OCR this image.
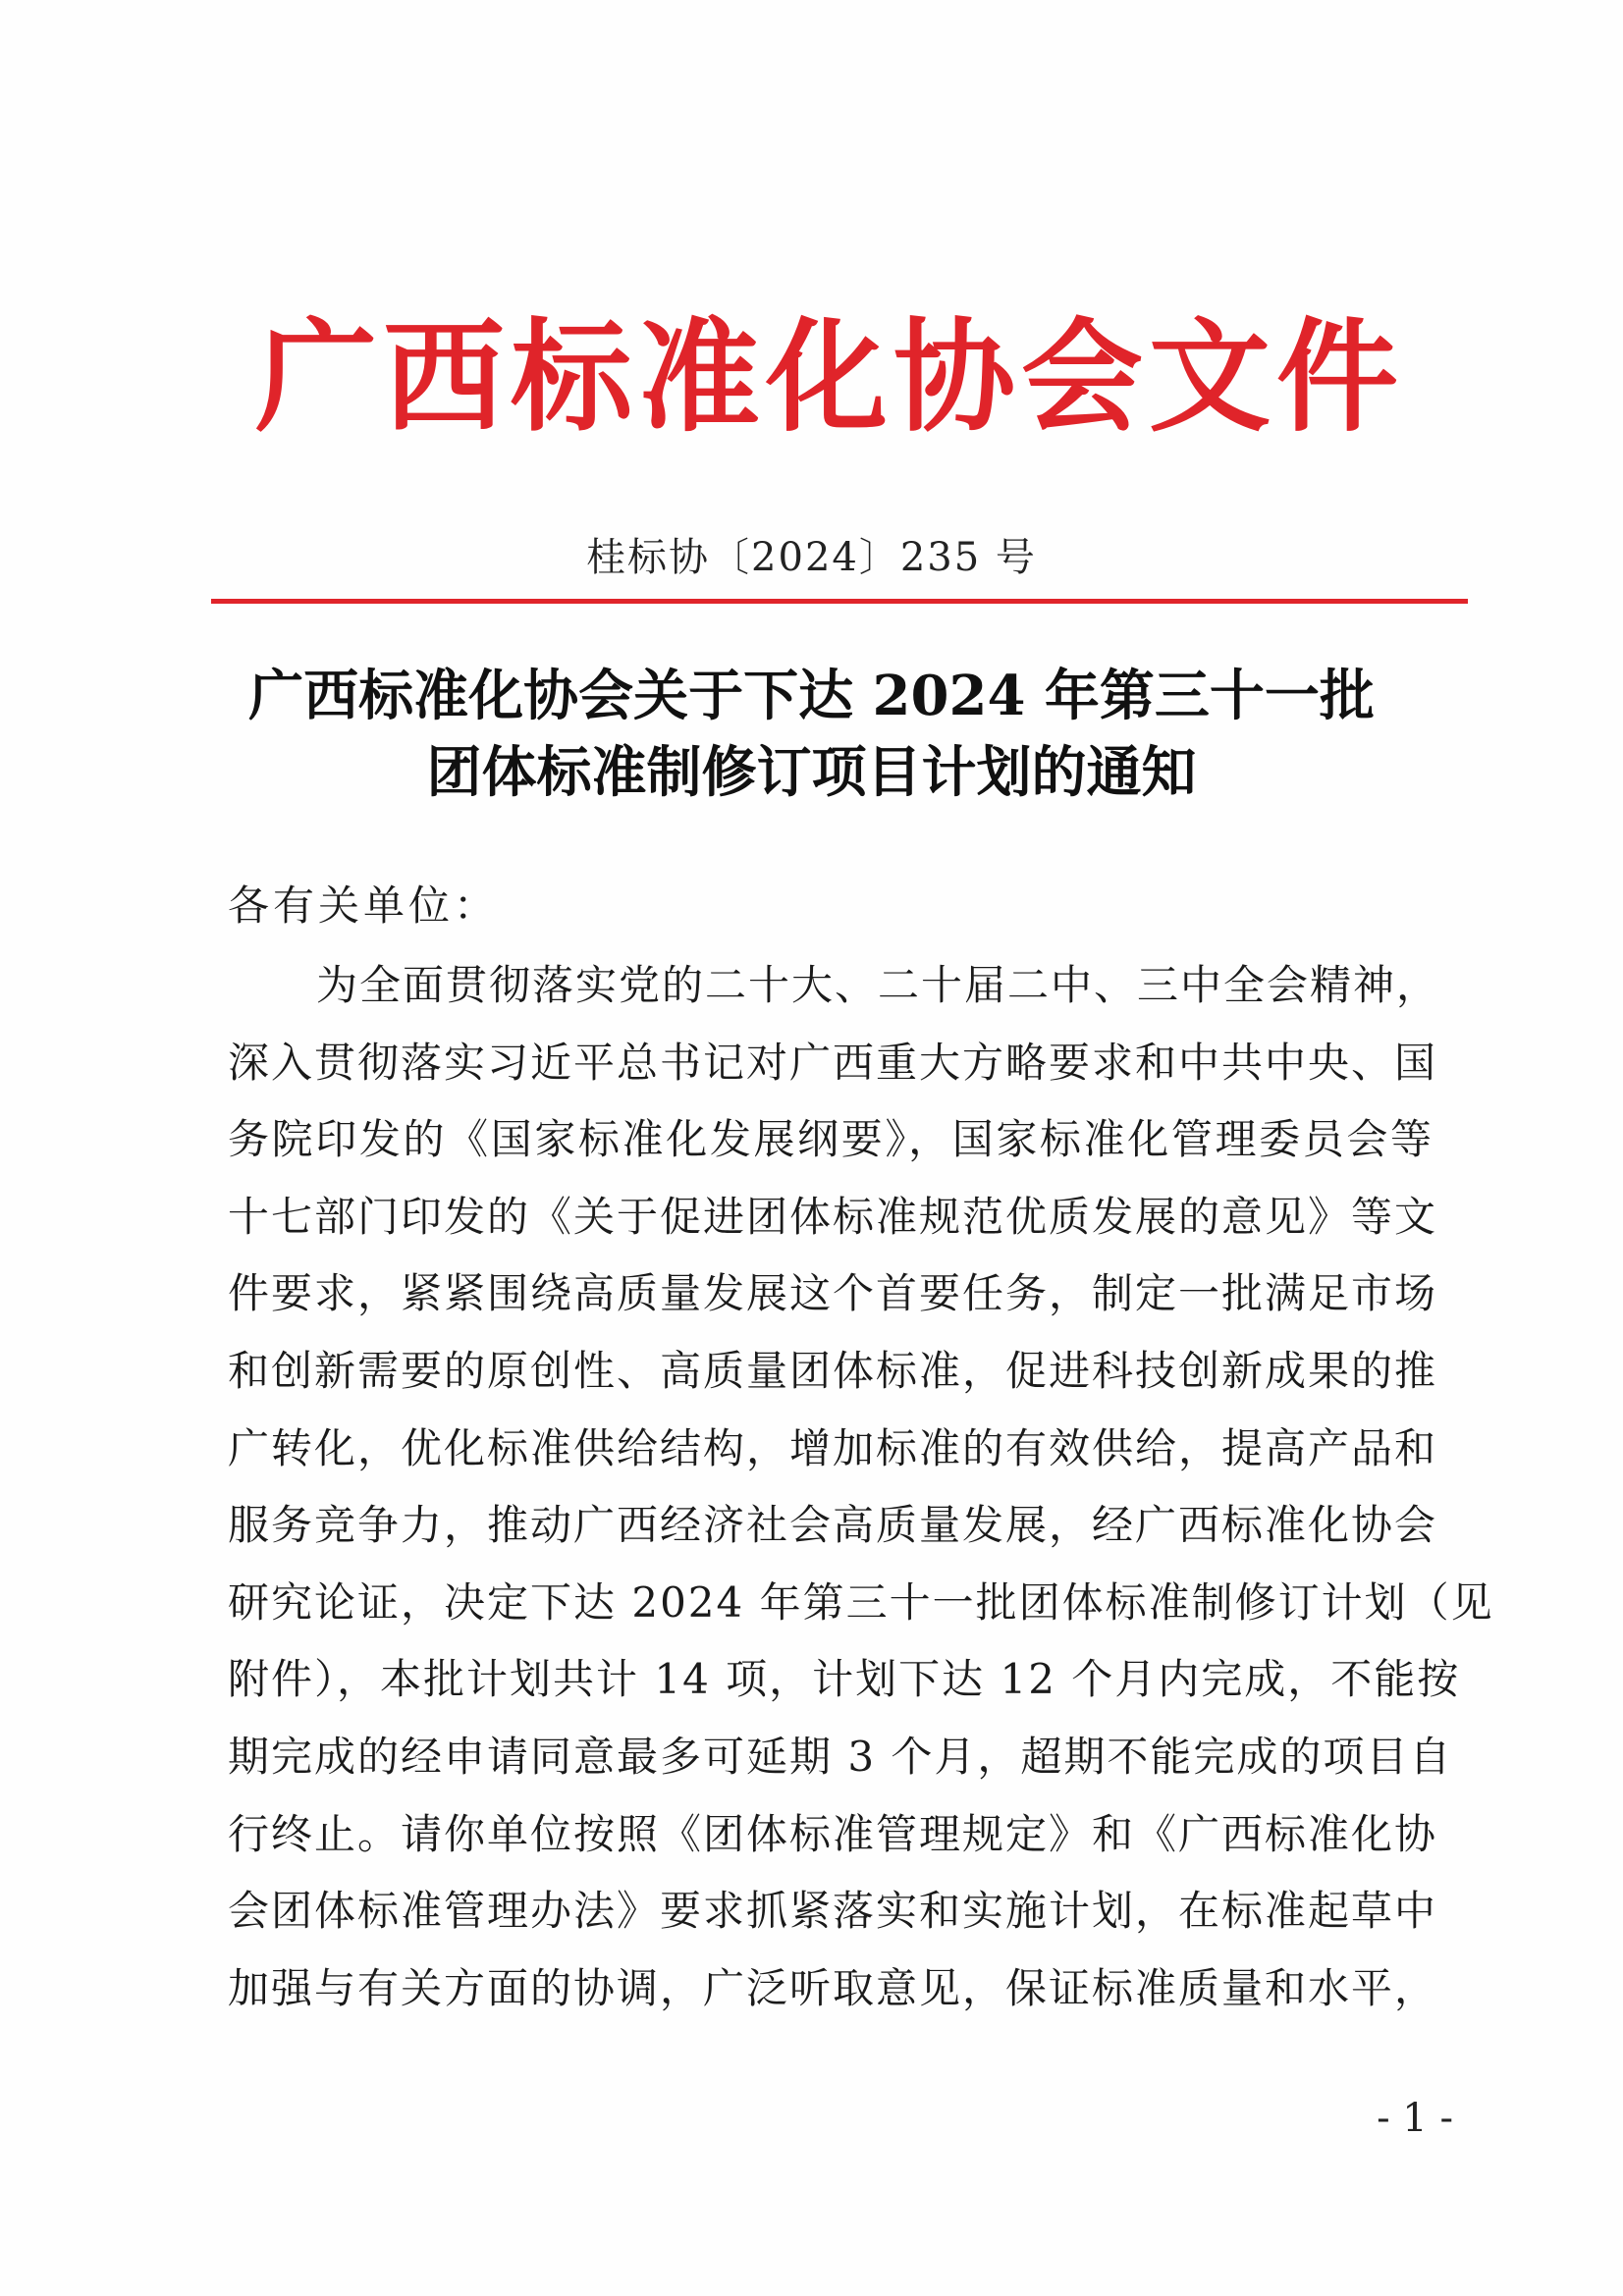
广西标准化协会文件
桂标协〔2024〕235 号
广西标准化协会关于下达 2024 年第三十一批
团体标准制修订项目计划的通知
各有关单位：
为全面贯彻落实党的二十大、二十届二中、三中全会精神，
深入贯彻落实习近平总书记对广西重大方略要求和中共中央、国
务院印发的《国家标准化发展纲要》，国家标准化管理委员会等
十七部门印发的《关于促进团体标准规范优质发展的意见》等文
件要求，紧紧围绕高质量发展这个首要任务，制定一批满足市场
和创新需要的原创性、高质量团体标准，促进科技创新成果的推
广转化，优化标准供给结构，增加标准的有效供给，提高产品和
服务竞争力，推动广西经济社会高质量发展，经广西标准化协会
研究论证，决定下达 2024 年第三十一批团体标准制修订计划（见
附件），本批计划共计 14 项，计划下达 12 个月内完成，不能按
期完成的经申请同意最多可延期 3 个月，超期不能完成的项目自
行终止。请你单位按照《团体标准管理规定》和《广西标准化协
会团体标准管理办法》要求抓紧落实和实施计划，在标准起草中
加强与有关方面的协调，广泛听取意见，保证标准质量和水平，
- 1 -
